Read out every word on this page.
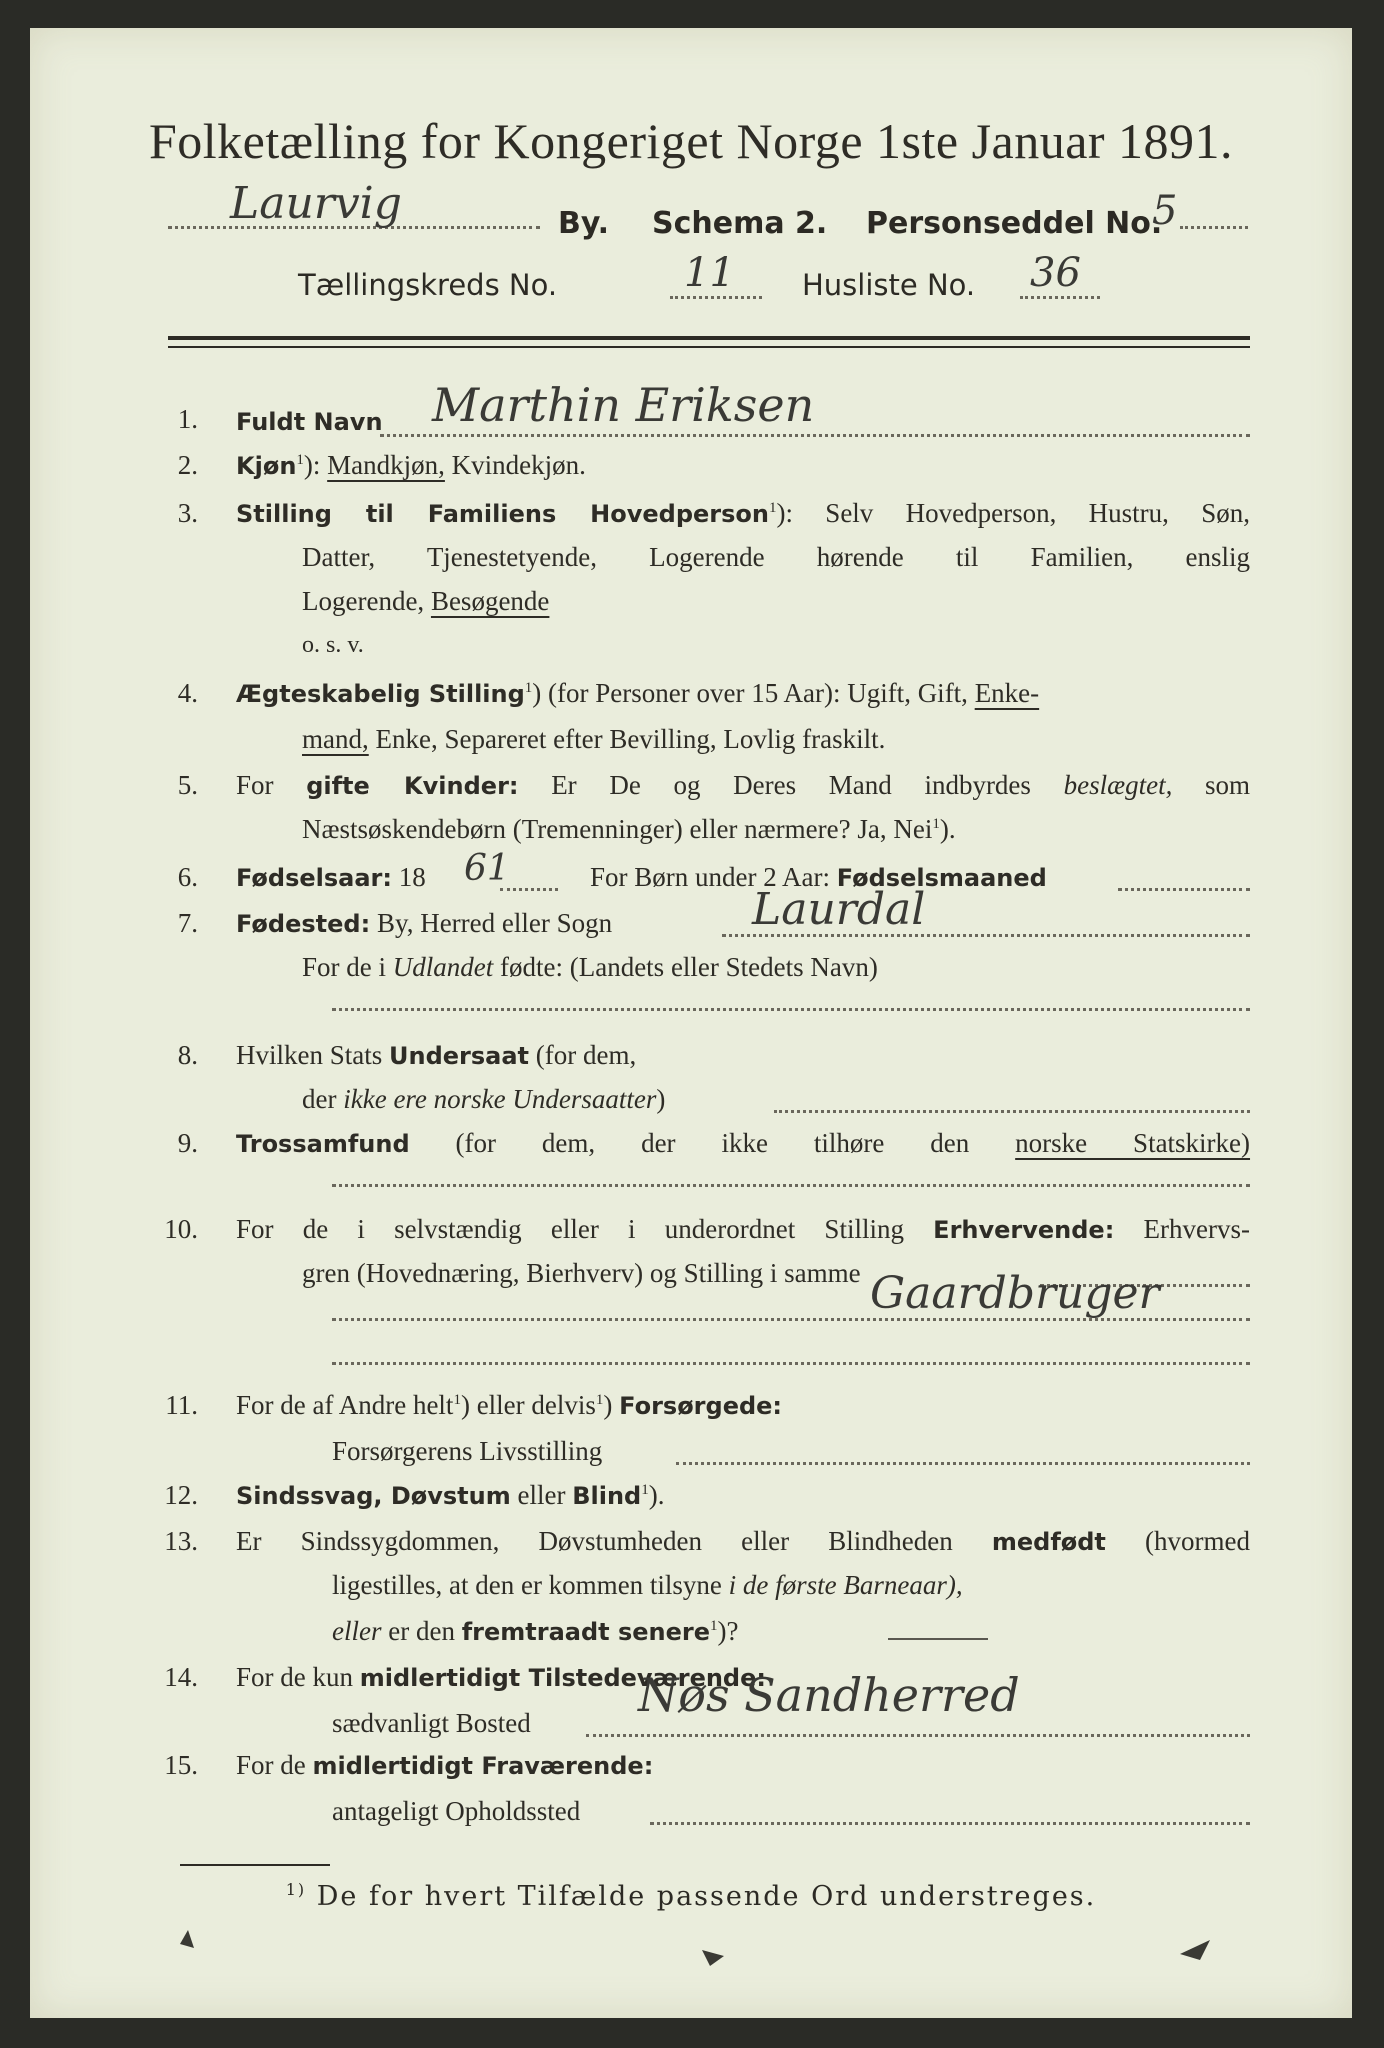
Folketælling for Kongeriget Norge 1ste Januar 1891.
Laurvig	By. Schema 2. Personseddel No.
5
Tællingskreds No.	11 Husliste No. 36
1. Fuldt Navn Marthin Eriksen
2. Kjøn$^1$): Mandkjøn, Kvindekjøn.
3. Stilling til Familiens Hovedperson$^1$): Selv Hovedperson, Hustru, Søn,
Datter, Tjenestetyende, Logerende hørende til Familien, enslig
Logerende, Besøgende
o. s. v.
4. Ægteskabelig Stilling$^1$) (for Personer over 15 Aar): Ugift, Gift, Enke-
mand, Enke, Separeret efter Bevilling, Lovlig fraskilt.
5. For gifte Kvinder: Er De og Deres Mand indbyrdes beslægtet, som
Næstsøskendebørn (Tremenninger) eller nærmere? Ja, Nei$^1$).
6. Fødselsaar: 18 61	For Børn under 2 Aar: Fødselsmaaned
7. Fødested: By, Herred eller Sogn	Laurdal
For de i Udlandet fødte: (Landets eller Stedets Navn)
8. Hvilken Stats Undersaat (for dem,
der ikke ere norske Undersaatter)
9. Trossamfund (for dem, der ikke tilhøre den norske Statskirke)
10. For de i selvstændig eller i underordnet Stilling Erhvervende: Erhvervs-
gren (Hovednæring, Bierhverv) og Stilling i samme Gaardbruger
11. For de af Andre helt$^1$) eller delvis$^1$) Forsørgede:
Forsørgerens Livsstilling
12. Sindssvag, Døvstum eller Blind$^1$).
13. Er Sindssygdommen, Døvstumheden eller Blindheden medfødt (hvormed
ligestilles, at den er kommen tilsyne i de første Barneaar),
eller er den fremtraadt senere$^1$)?
14. For de kun midlertidigt Tilstedeværende:
sædvanligt Bosted
Nøs Sandherred
15. For de midlertidigt Fraværende:
antageligt Opholdssted
$^{1)}$ De for hvert Tilfælde passende Ord understreges.
